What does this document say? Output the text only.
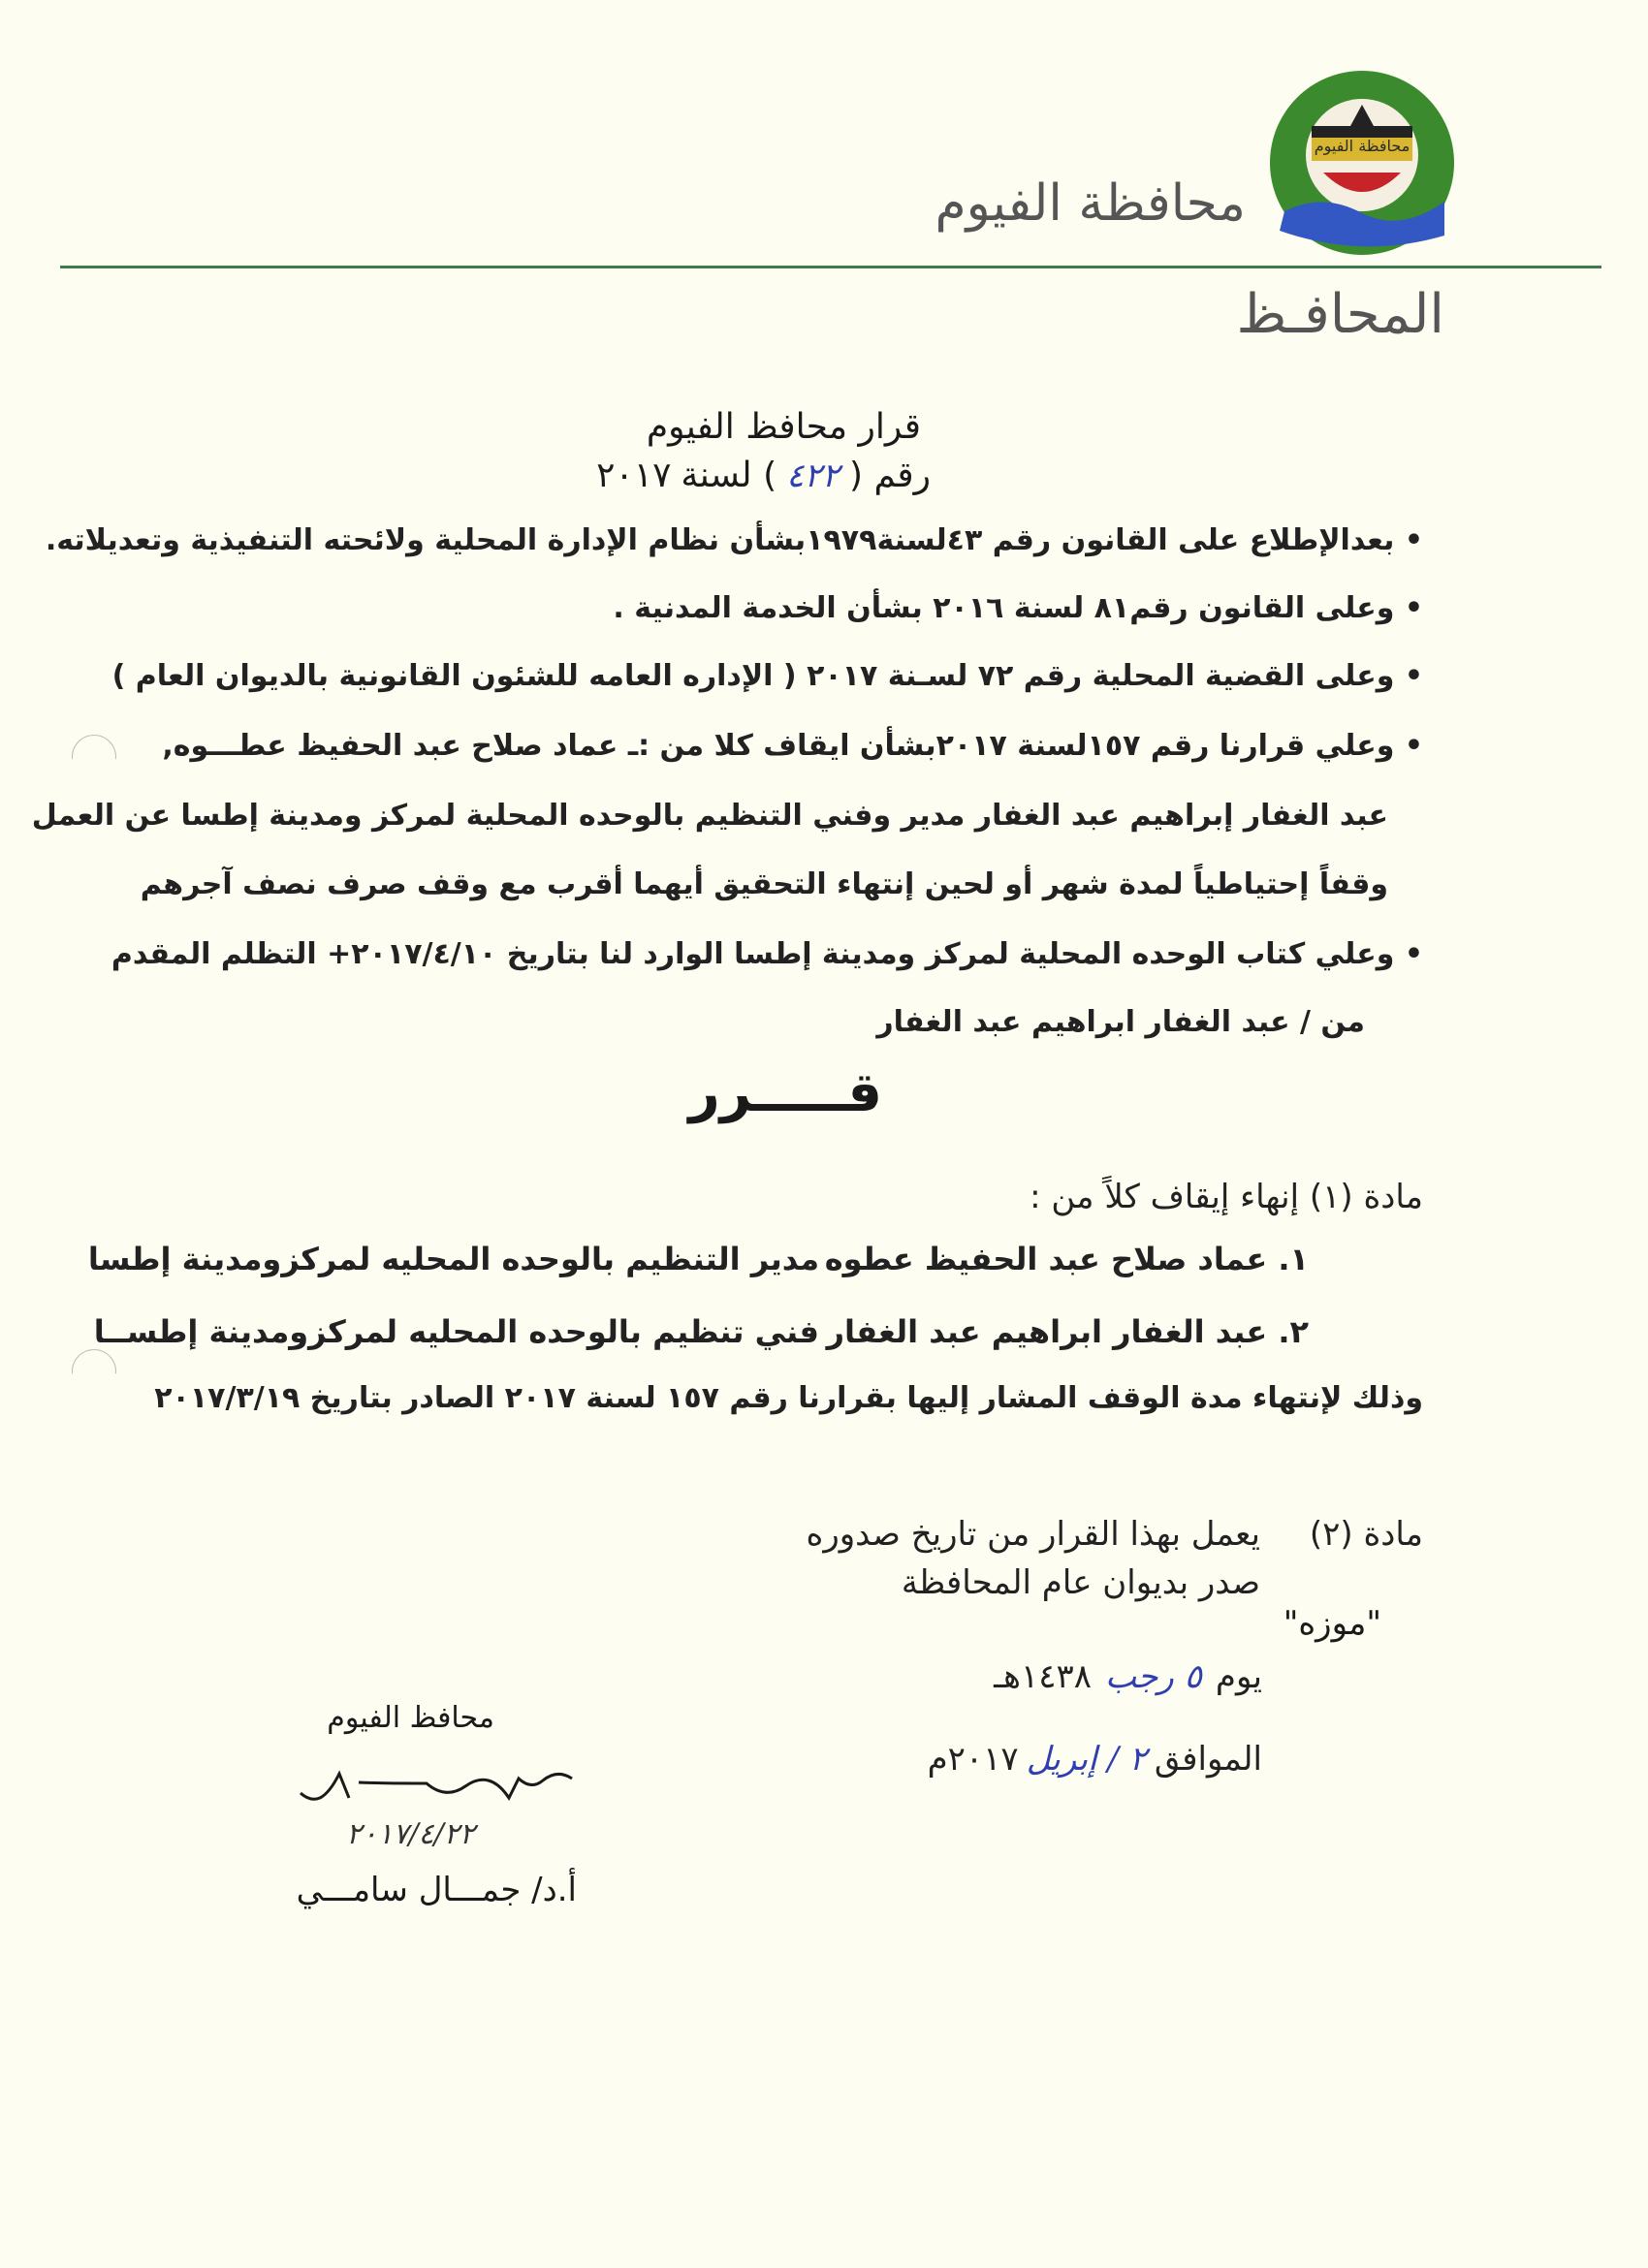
محافظة الفيوم
محافظة الفيوم
المحافـظ
قرار محافظ الفيوم
رقم (
٤٢٢
) لسنة
٢٠١٧
• بعدالإطلاع على القانون رقم ٤٣لسنة١٩٧٩بشأن نظام الإدارة المحلية ولائحته التنفيذية وتعديلاته.
• وعلى القانون رقم٨١ لسنة ٢٠١٦ بشأن الخدمة المدنية .
• وعلى القضية المحلية رقم ٧٢ لسـنة ٢٠١٧ ( الإداره العامه للشئون القانونية بالديوان العام )
• وعلي قرارنا رقم ١٥٧لسنة ٢٠١٧بشأن ايقاف كلا من :ـ عماد صلاح عبد الحفيظ عطـــوه,
عبد الغفار إبراهيم عبد الغفار مدير وفني التنظيم بالوحده المحلية لمركز ومدينة إطسا عن العمل
وقفاً إحتياطياً لمدة شهر أو لحين إنتهاء التحقيق أيهما أقرب مع وقف صرف نصف آجرهم
• وعلي كتاب الوحده المحلية لمركز ومدينة إطسا الوارد لنا بتاريخ ٢٠١٧/٤/١٠+ التظلم المقدم
من / عبد الغفار ابراهيم عبد الغفار
قـــــرر
مادة (١) إنهاء إيقاف كلاً من :
١. عماد صلاح عبد الحفيظ عطوه
مدير التنظيم بالوحده المحليه لمركزومدينة إطسا
٢. عبد الغفار ابراهيم عبد الغفار
فني تنظيم بالوحده المحليه لمركزومدينة إطســا
وذلك لإنتهاء مدة الوقف المشار إليها بقرارنا رقم ١٥٧ لسنة ٢٠١٧ الصادر بتاريخ ٢٠١٧/٣/١٩
مادة (٢)
يعمل بهذا القرار من تاريخ صدوره
صدر بديوان عام المحافظة
"موزه"
يوم
٥ رجب
١٤٣٨هـ
الموافق
٢ / إبريل
٢٠١٧م
محافظ الفيوم
٢٠١٧/٤/٢٢
أ.د/ جمـــال سامـــي
